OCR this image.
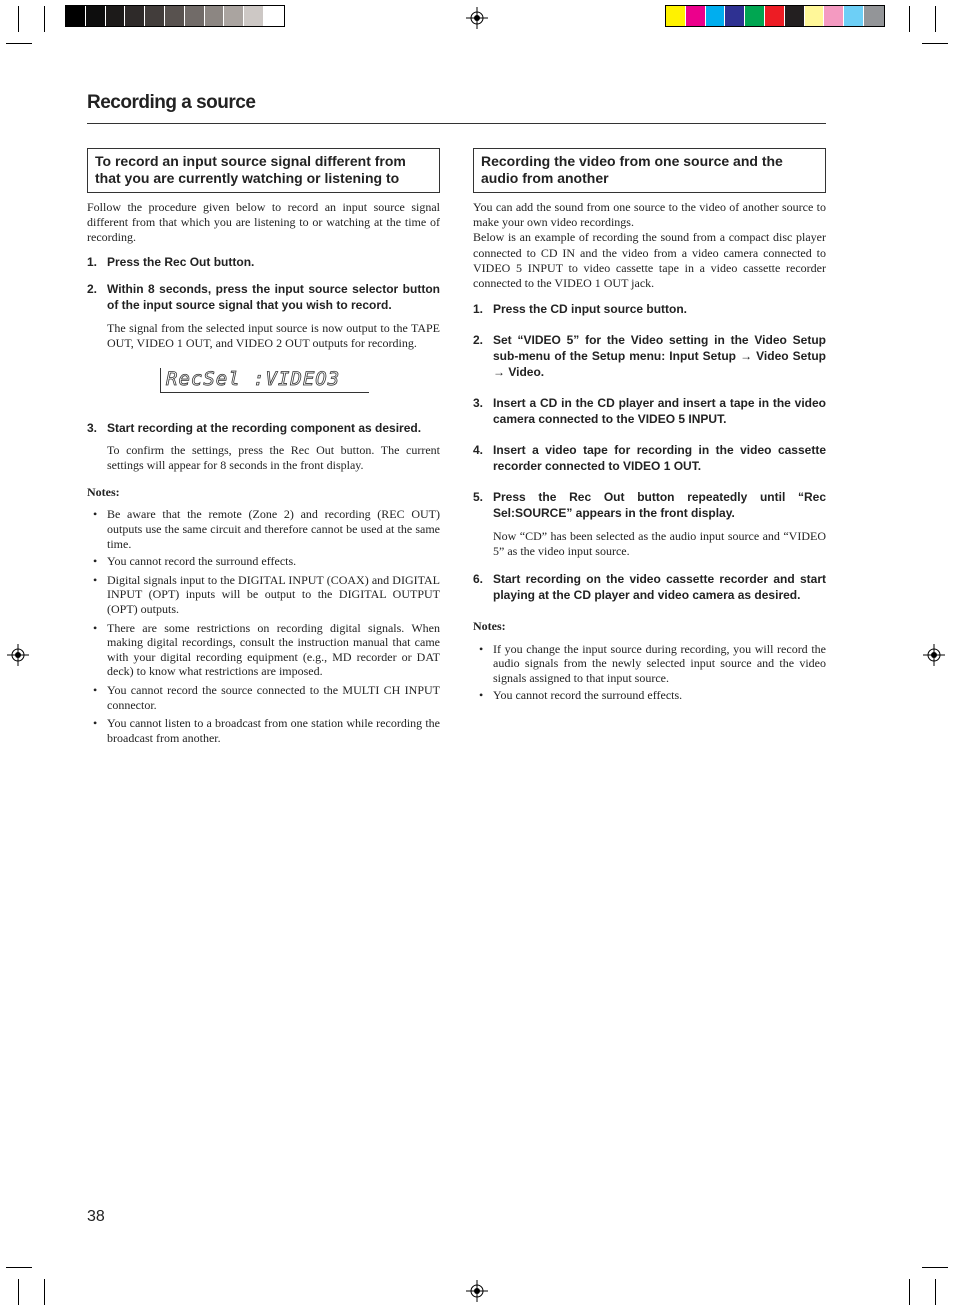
Recording a source
To record an input source signal different from that you are currently watching or listening to

Follow the procedure given below to record an input source signal different from that which you are listening to or watching at the time of recording.

1. Press the Rec Out button.
2. Within 8 seconds, press the input source selector button of the input source signal that you wish to record.

The signal from the selected input source is now output to the TAPE OUT, VIDEO 1 OUT, and VIDEO 2 OUT outputs for recording.

RecSel :VIDEO3
3. Start recording at the recording component as desired.

To confirm the settings, press the Rec Out button. The current settings will appear for 8 seconds in the front display.

Notes:
• Be aware that the remote (Zone 2) and recording (REC OUT) outputs use the same circuit and therefore cannot be used at the same time.
• You cannot record the surround effects.
• Digital signals input to the DIGITAL INPUT (COAX) and DIGITAL INPUT (OPT) inputs will be output to the DIGITAL OUTPUT (OPT) outputs.
• There are some restrictions on recording digital signals. When making digital recordings, consult the instruction manual that came with your digital recording equipment (e.g., MD recorder or DAT deck) to know what restrictions are imposed.
• You cannot record the source connected to the MULTI CH INPUT connector.
• You cannot listen to a broadcast from one station while recording the broadcast from another.
Recording the video from one source and the audio from another

You can add the sound from one source to the video of another source to make your own video recordings.

Below is an example of recording the sound from a compact disc player connected to CD IN and the video from a video camera connected to VIDEO 5 INPUT to video cassette tape in a video cassette recorder connected to the VIDEO 1 OUT jack.

1. Press the CD input source button.
2. Set “VIDEO 5” for the Video setting in the Video Setup sub-menu of the Setup menu: Input Setup → Video Setup → Video.
3. Insert a CD in the CD player and insert a tape in the video camera connected to the VIDEO 5 INPUT.
4. Insert a video tape for recording in the video cassette recorder connected to VIDEO 1 OUT.
5. Press the Rec Out button repeatedly until “Rec Sel:SOURCE” appears in the front display.

Now “CD” has been selected as the audio input source and “VIDEO 5” as the video input source.

6. Start recording on the video cassette recorder and start playing at the CD player and video camera as desired.
Notes:
• If you change the input source during recording, you will record the audio signals from the newly selected input source and the video signals assigned to that input source.
• You cannot record the surround effects.
38
